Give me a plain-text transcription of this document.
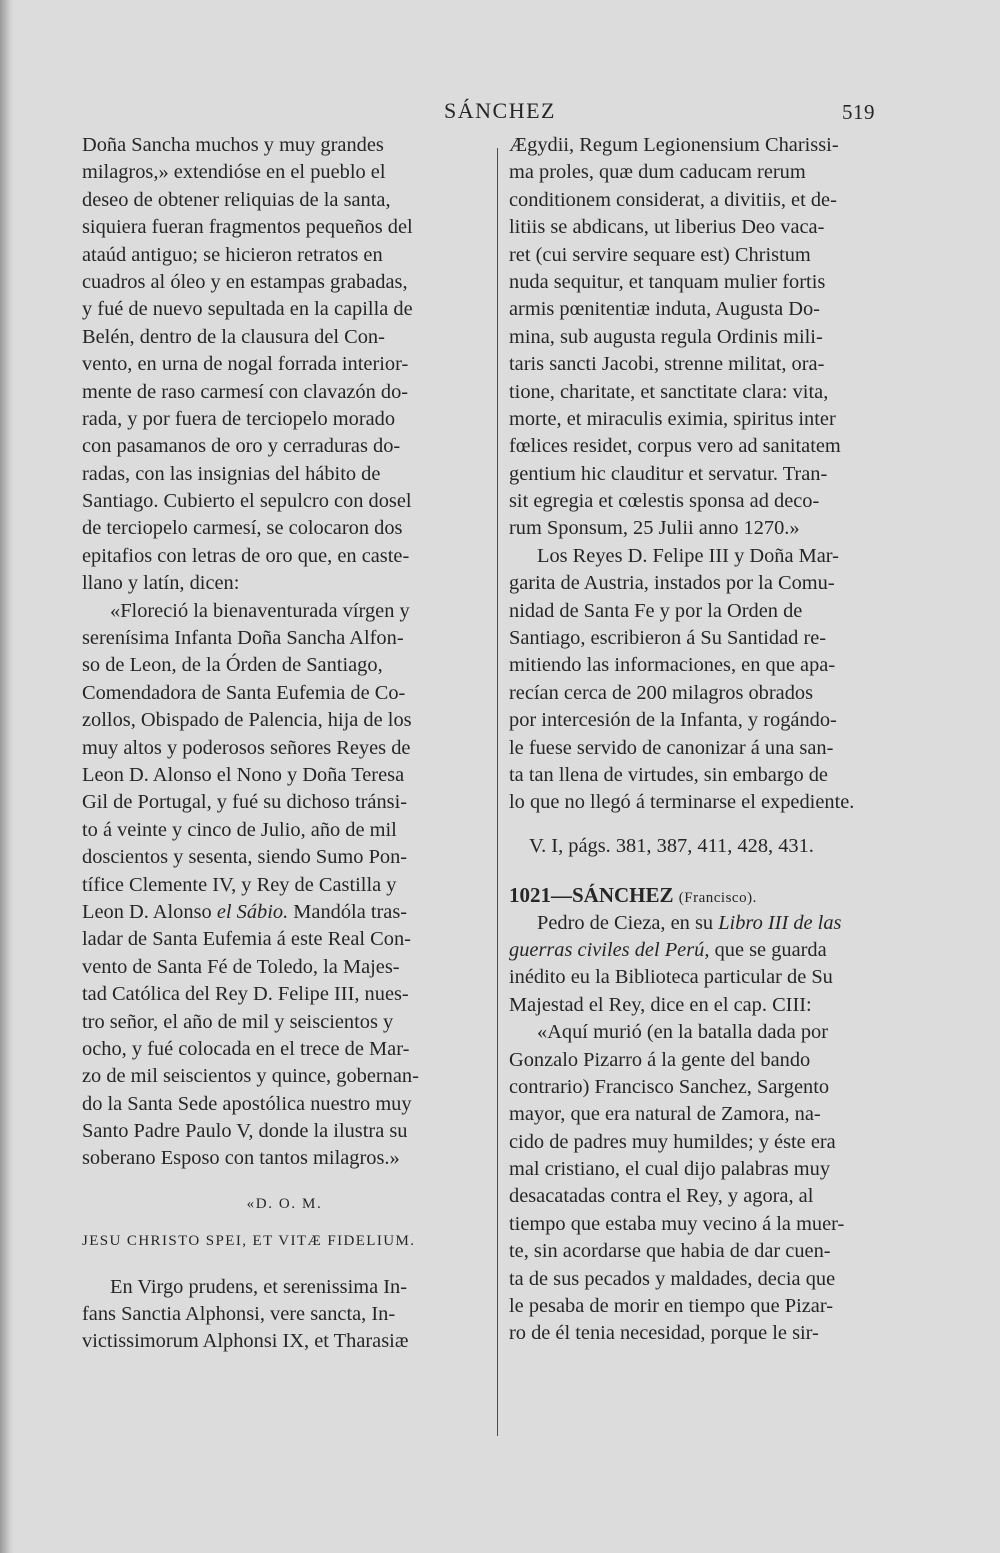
SÁNCHEZ	519

Doña Sancha muchos y muy grandes
milagros,» extendióse en el pueblo el
deseo de obtener reliquias de la santa,
siquiera fueran fragmentos pequeños del
ataúd antiguo; se hicieron retratos en
cuadros al óleo y en estampas grabadas,
y fué de nuevo sepultada en la capilla de
Belén, dentro de la clausura del Con-
vento, en urna de nogal forrada interior-
mente de raso carmesí con clavazón do-
rada, y por fuera de terciopelo morado
con pasamanos de oro y cerraduras do-
radas, con las insignias del hábito de
Santiago. Cubierto el sepulcro con dosel
de terciopelo carmesí, se colocaron dos
epitafios con letras de oro que, en caste-
llano y latín, dicen:

«Floreció la bienaventurada vírgen y
serenísima Infanta Doña Sancha Alfon-
so de Leon, de la Órden de Santiago,
Comendadora de Santa Eufemia de Co-
zollos, Obispado de Palencia, hija de los
muy altos y poderosos señores Reyes de
Leon D. Alonso el Nono y Doña Teresa
Gil de Portugal, y fué su dichoso tránsi-
to á veinte y cinco de Julio, año de mil
doscientos y sesenta, siendo Sumo Pon-
tífice Clemente IV, y Rey de Castilla y
Leon D. Alonso el Sábio. Mandóla tras-
ladar de Santa Eufemia á este Real Con-
vento de Santa Fé de Toledo, la Majes-
tad Católica del Rey D. Felipe III, nues-
tro señor, el año de mil y seiscientos y
ocho, y fué colocada en el trece de Mar-
zo de mil seiscientos y quince, gobernan-
do la Santa Sede apostólica nuestro muy
Santo Padre Paulo V, donde la ilustra su
soberano Esposo con tantos milagros.»

«D. O. M.
JESU CHRISTO SPEI, ET VITÆ FIDELIUM.

En Virgo prudens, et serenissima In-
fans Sanctia Alphonsi, vere sancta, In-
victissimorum Alphonsi IX, et Tharasiæ

Ægydii, Regum Legionensium Charissi-
ma proles, quæ dum caducam rerum
conditionem considerat, a divitiis, et de-
litiis se abdicans, ut liberius Deo vaca-
ret (cui servire sequare est) Christum
nuda sequitur, et tanquam mulier fortis
armis pœnitentiæ induta, Augusta Do-
mina, sub augusta regula Ordinis mili-
taris sancti Jacobi, strenne militat, ora-
tione, charitate, et sanctitate clara: vita,
morte, et miraculis eximia, spiritus inter
fœlices residet, corpus vero ad sanitatem
gentium hic clauditur et servatur. Tran-
sit egregia et cœlestis sponsa ad deco-
rum Sponsum, 25 Julii anno 1270.»

Los Reyes D. Felipe III y Doña Mar-
garita de Austria, instados por la Comu-
nidad de Santa Fe y por la Orden de
Santiago, escribieron á Su Santidad re-
mitiendo las informaciones, en que apa-
recían cerca de 200 milagros obrados
por intercesión de la Infanta, y rogándo-
le fuese servido de canonizar á una san-
ta tan llena de virtudes, sin embargo de
lo que no llegó á terminarse el expediente.

V. I, págs. 381, 387, 411, 428, 431.
1021—SÁNCHEZ (Francisco).

Pedro de Cieza, en su Libro III de las
guerras civiles del Perú, que se guarda
inédito eu la Biblioteca particular de Su
Majestad el Rey, dice en el cap. CIII:

«Aquí murió (en la batalla dada por
Gonzalo Pizarro á la gente del bando
contrario) Francisco Sanchez, Sargento
mayor, que era natural de Zamora, na-
cido de padres muy humildes; y éste era
mal cristiano, el cual dijo palabras muy
desacatadas contra el Rey, y agora, al
tiempo que estaba muy vecino á la muer-
te, sin acordarse que habia de dar cuen-
ta de sus pecados y maldades, decia que
le pesaba de morir en tiempo que Pizar-
ro de él tenia necesidad, porque le sir-
